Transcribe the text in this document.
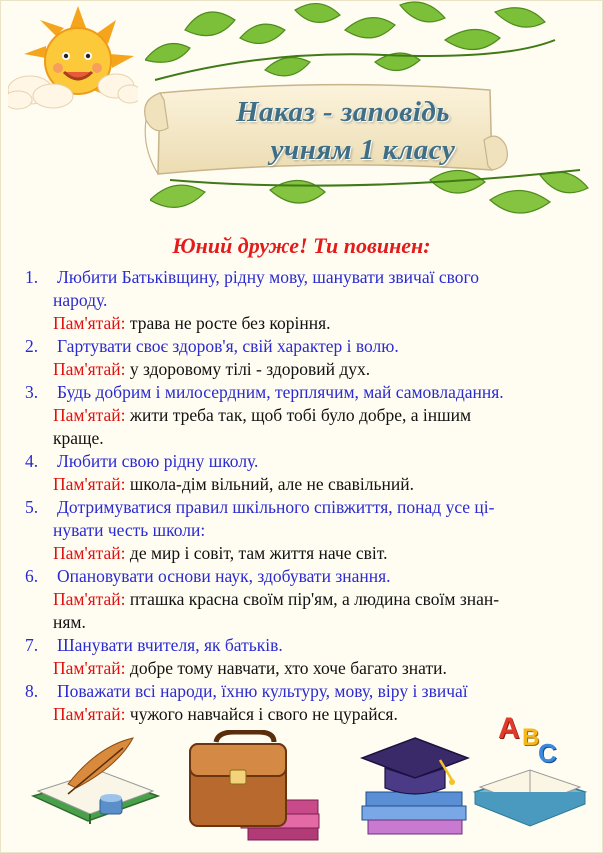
Наказ - заповідь
учням 1 класу
Юний друже! Ти повинен:
1.	Любити Батьківщину, рідну мову, шанувати звичаї свого
народу.
Пам'ятай: трава не росте без коріння.
2.	Гартувати своє здоров'я, свій характер і волю.
Пам'ятай: у здоровому тілі - здоровий дух.
3.	Будь добрим і милосердним, терплячим, май самовладання.
Пам'ятай: жити треба так, щоб тобі було добре, а іншим
краще.
4.	Любити свою рідну школу.
Пам'ятай: школа-дім вільний, але не свавільний.
5.	Дотримуватися правил шкільного співжиття, понад усе ці-
нувати честь школи:
Пам'ятай: де мир і совіт, там життя наче світ.
6.	Опановувати основи наук, здобувати знання.
Пам'ятай: пташка красна своїм пір'ям, а людина своїм знан-
ням.
7.	Шанувати вчителя, як батьків.
Пам'ятай: добре тому навчати, хто хоче багато знати.
8.	Поважати всі народи, їхню культуру, мову, віру і звичаї
Пам'ятай: чужого навчайся і свого не цурайся.	A B
C
